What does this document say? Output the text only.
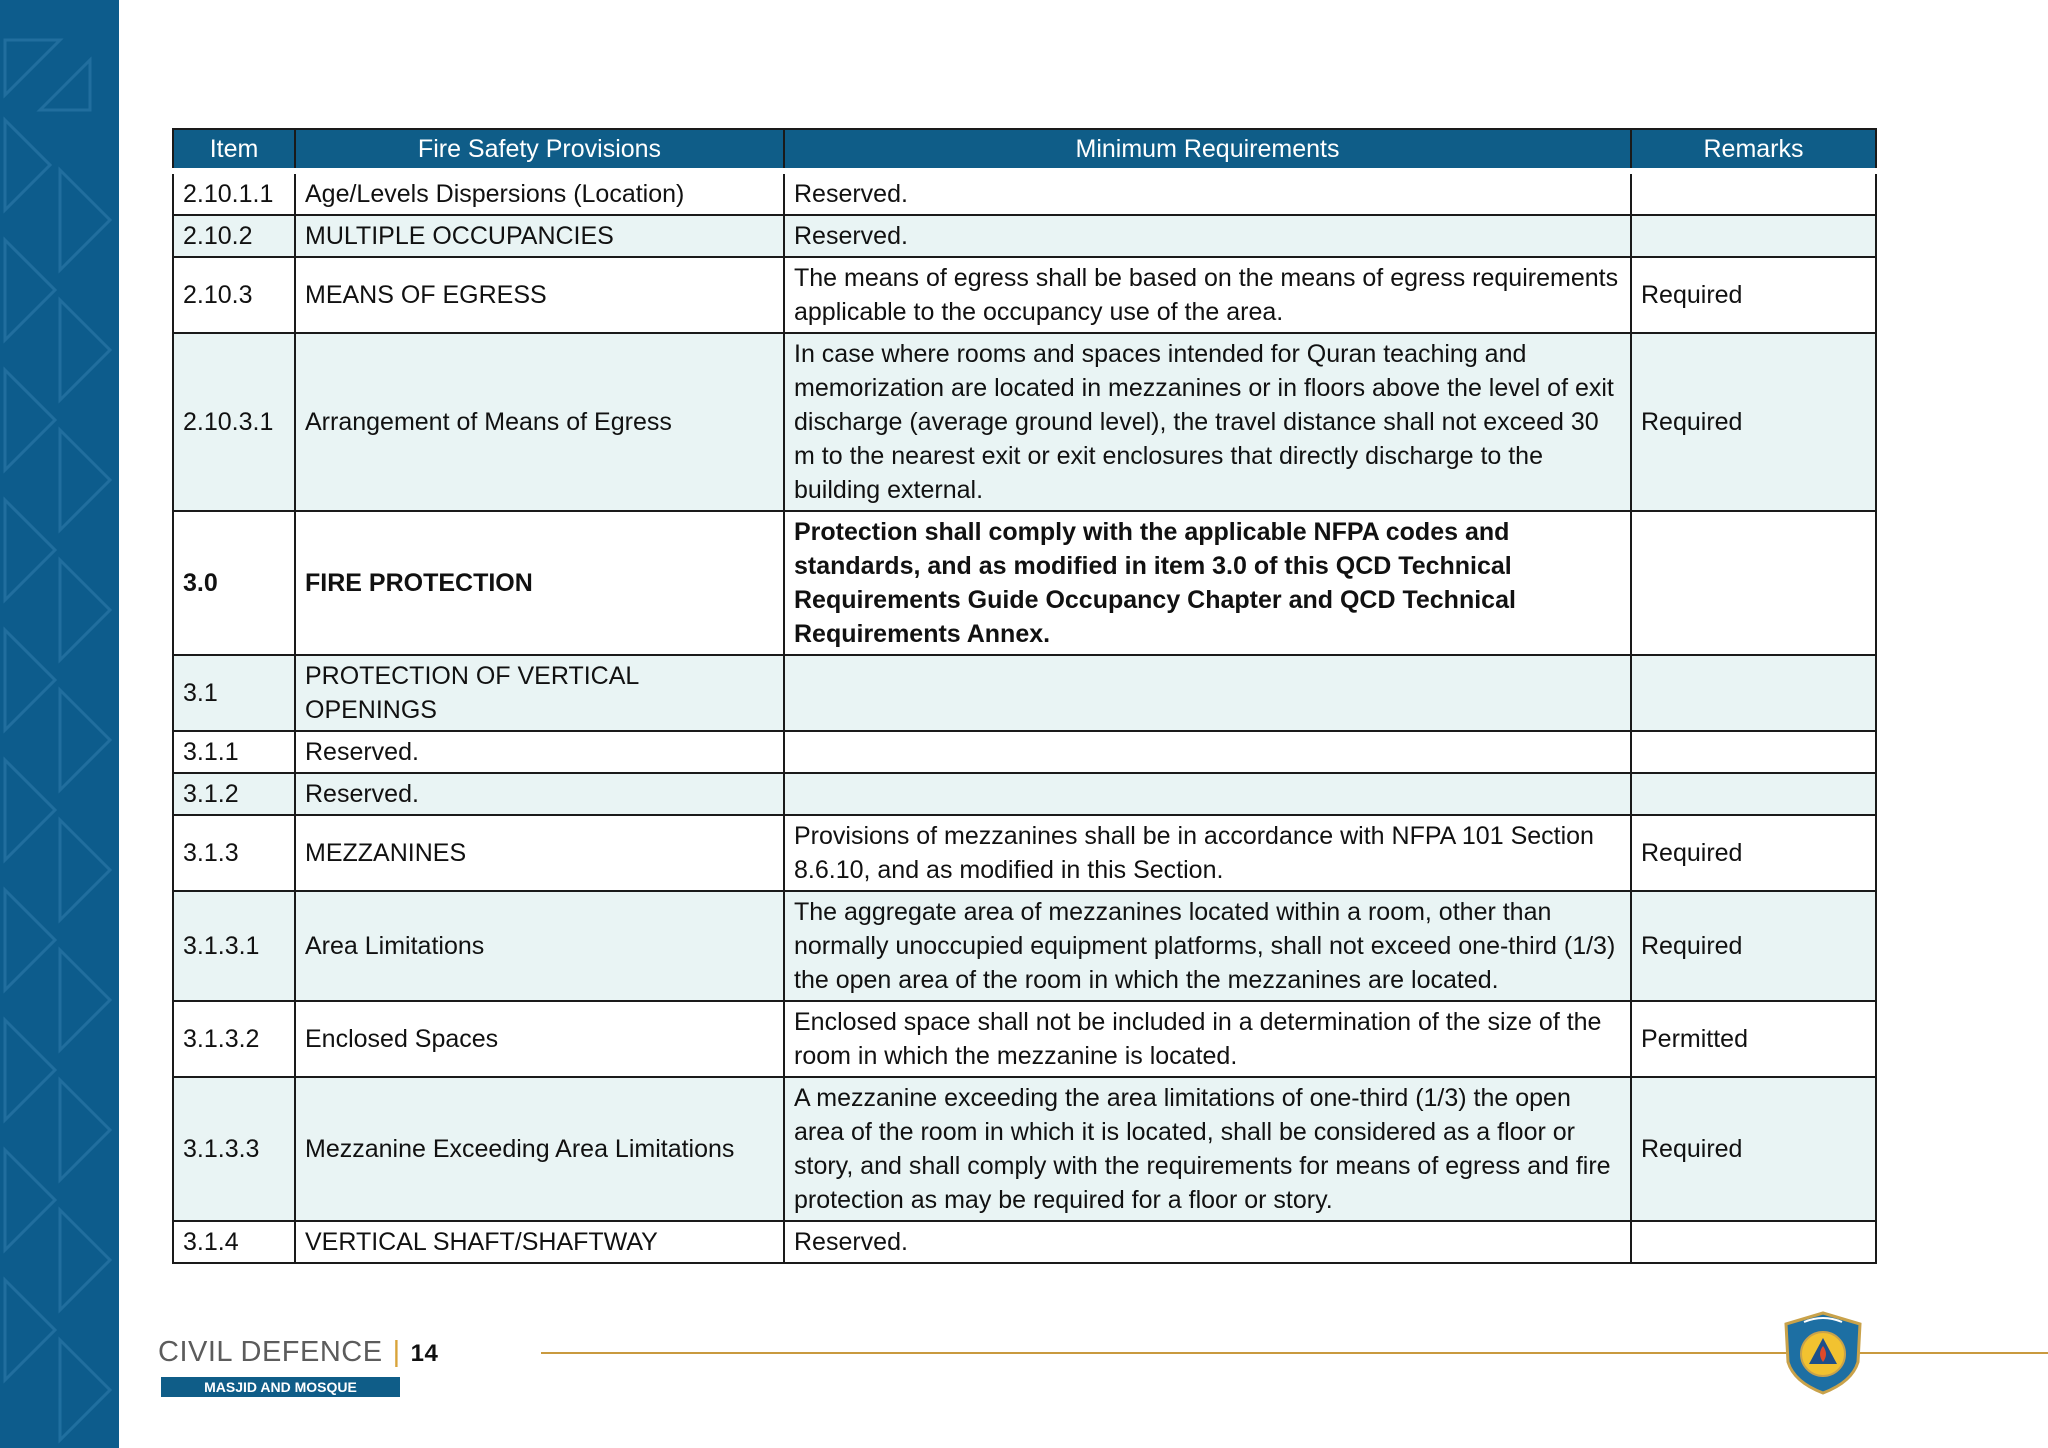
Item	Fire Safety Provisions	Minimum Requirements	Remarks
2.10.1.1	Age/Levels Dispersions (Location)	Reserved.	
2.10.2	MULTIPLE OCCUPANCIES	Reserved.	
2.10.3	MEANS OF EGRESS	The means of egress shall be based on the means of egress requirements applicable to the occupancy use of the area.	Required
2.10.3.1	Arrangement of Means of Egress	In case where rooms and spaces intended for Quran teaching and memorization are located in mezzanines or in floors above the level of exit discharge (average ground level), the travel distance shall not exceed 30 m to the nearest exit or exit enclosures that directly discharge to the building external.	Required
3.0	FIRE PROTECTION	Protection shall comply with the applicable NFPA codes and standards, and as modified in item 3.0 of this QCD Technical Requirements Guide Occupancy Chapter and QCD Technical Requirements Annex.	
3.1	PROTECTION OF VERTICAL OPENINGS		
3.1.1	Reserved.		
3.1.2	Reserved.		
3.1.3	MEZZANINES	Provisions of mezzanines shall be in accordance with NFPA 101 Section 8.6.10, and as modified in this Section.	Required
3.1.3.1	Area Limitations	The aggregate area of mezzanines located within a room, other than normally unoccupied equipment platforms, shall not exceed one-third (1/3) the open area of the room in which the mezzanines are located.	Required
3.1.3.2	Enclosed Spaces	Enclosed space shall not be included in a determination of the size of the room in which the mezzanine is located.	Permitted
3.1.3.3	Mezzanine Exceeding Area Limitations	A mezzanine exceeding the area limitations of one-third (1/3) the open area of the room in which it is located, shall be considered as a floor or story, and shall comply with the requirements for means of egress and fire protection as may be required for a floor or story.	Required
3.1.4	VERTICAL SHAFT/SHAFTWAY	Reserved.	
CIVIL DEFENCE | 14
MASJID AND MOSQUE
